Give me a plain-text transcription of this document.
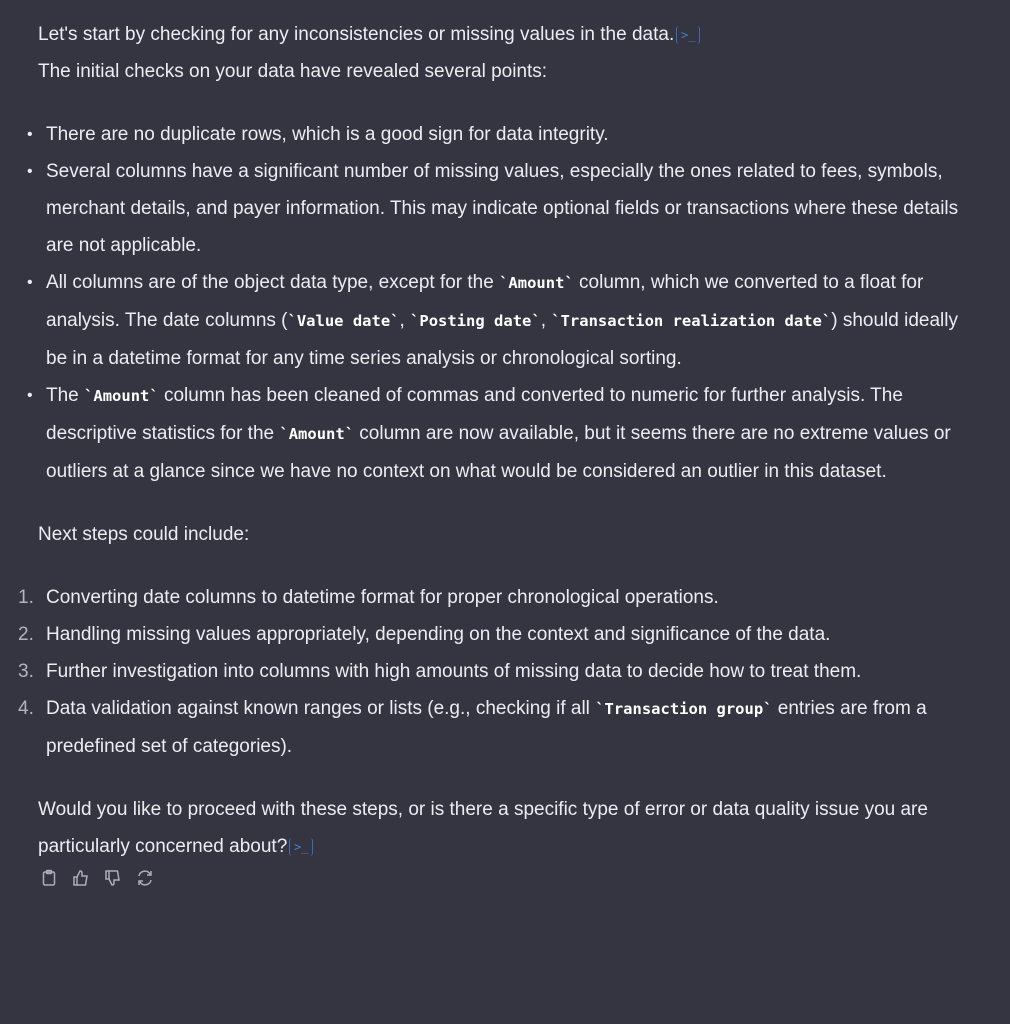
Let's start by checking for any inconsistencies or missing values in the data. >_

The initial checks on your data have revealed several points:

• There are no duplicate rows, which is a good sign for data integrity.
• Several columns have a significant number of missing values, especially the ones related to fees, symbols, merchant details, and payer information. This may indicate optional fields or transactions where these details are not applicable.
• All columns are of the object data type, except for the `Amount` column, which we converted to a float for analysis. The date columns (`Value date`, `Posting date`, `Transaction realization date`) should ideally be in a datetime format for any time series analysis or chronological sorting.
• The `Amount` column has been cleaned of commas and converted to numeric for further analysis. The descriptive statistics for the `Amount` column are now available, but it seems there are no extreme values or outliers at a glance since we have no context on what would be considered an outlier in this dataset.

Next steps could include:

1. Converting date columns to datetime format for proper chronological operations.
2. Handling missing values appropriately, depending on the context and significance of the data.
3. Further investigation into columns with high amounts of missing data to decide how to treat them.
4. Data validation against known ranges or lists (e.g., checking if all `Transaction group` entries are from a predefined set of categories).

Would you like to proceed with these steps, or is there a specific type of error or data quality issue you are particularly concerned about? >_
